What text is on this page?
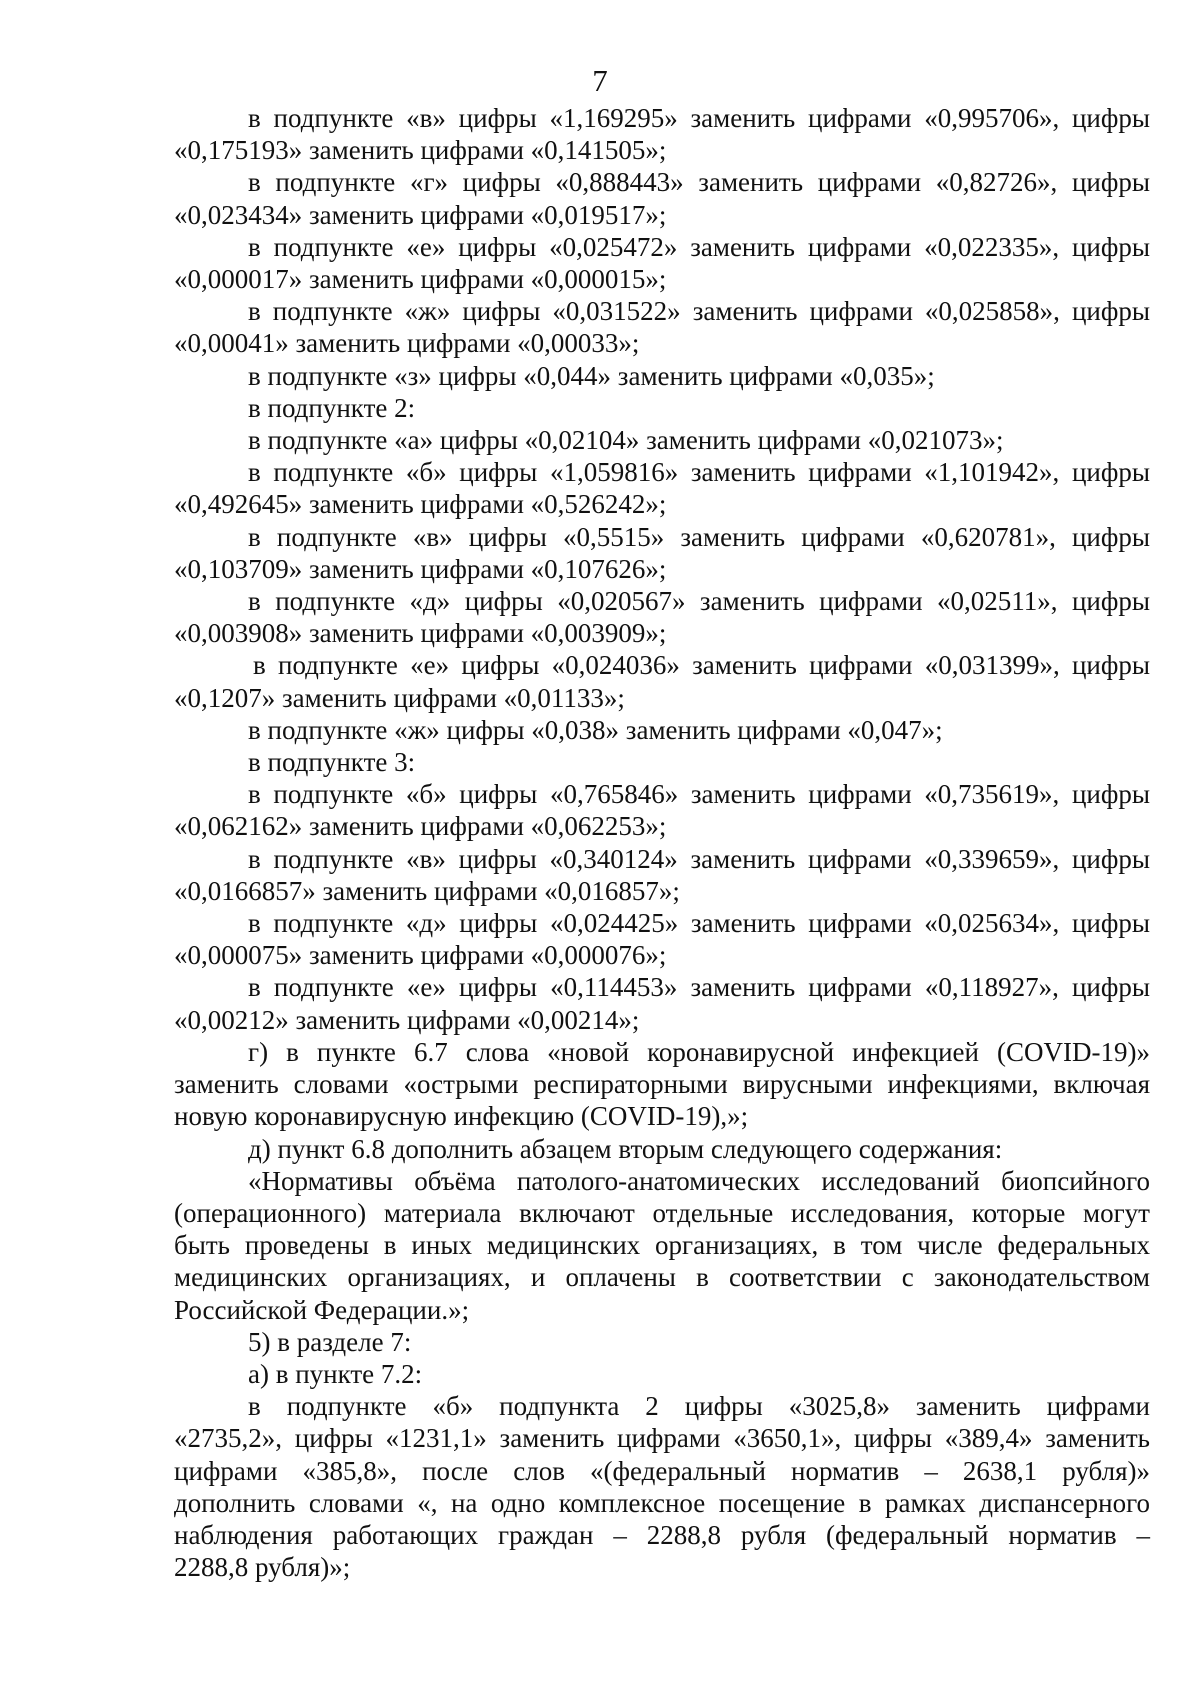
7
в подпункте «в» цифры «1,169295» заменить цифрами «0,995706», цифры
«0,175193» заменить цифрами «0,141505»;
в подпункте «г» цифры «0,888443» заменить цифрами «0,82726», цифры
«0,023434» заменить цифрами «0,019517»;
в подпункте «е» цифры «0,025472» заменить цифрами «0,022335», цифры
«0,000017» заменить цифрами «0,000015»;
в подпункте «ж» цифры «0,031522» заменить цифрами «0,025858», цифры
«0,00041» заменить цифрами «0,00033»;
в подпункте «з» цифры «0,044» заменить цифрами «0,035»;
в подпункте 2:
в подпункте «а» цифры «0,02104» заменить цифрами «0,021073»;
в подпункте «б» цифры «1,059816» заменить цифрами «1,101942», цифры
«0,492645» заменить цифрами «0,526242»;
в подпункте «в» цифры «0,5515» заменить цифрами «0,620781», цифры
«0,103709» заменить цифрами «0,107626»;
в подпункте «д» цифры «0,020567» заменить цифрами «0,02511», цифры
«0,003908» заменить цифрами «0,003909»;
в подпункте «е» цифры «0,024036» заменить цифрами «0,031399», цифры
«0,1207» заменить цифрами «0,01133»;
в подпункте «ж» цифры «0,038» заменить цифрами «0,047»;
в подпункте 3:
в подпункте «б» цифры «0,765846» заменить цифрами «0,735619», цифры
«0,062162» заменить цифрами «0,062253»;
в подпункте «в» цифры «0,340124» заменить цифрами «0,339659», цифры
«0,0166857» заменить цифрами «0,016857»;
в подпункте «д» цифры «0,024425» заменить цифрами «0,025634», цифры
«0,000075» заменить цифрами «0,000076»;
в подпункте «е» цифры «0,114453» заменить цифрами «0,118927», цифры
«0,00212» заменить цифрами «0,00214»;
г) в пункте 6.7 слова «новой коронавирусной инфекцией (COVID-19)»
заменить словами «острыми респираторными вирусными инфекциями, включая
новую коронавирусную инфекцию (COVID-19),»;
д) пункт 6.8 дополнить абзацем вторым следующего содержания:
«Нормативы объёма патолого-анатомических исследований биопсийного
(операционного) материала включают отдельные исследования, которые могут
быть проведены в иных медицинских организациях, в том числе федеральных
медицинских организациях, и оплачены в соответствии с законодательством
Российской Федерации.»;
5) в разделе 7:
а) в пункте 7.2:
в подпункте «б» подпункта 2 цифры «3025,8» заменить цифрами
«2735,2», цифры «1231,1» заменить цифрами «3650,1», цифры «389,4» заменить
цифрами «385,8», после слов «(федеральный норматив – 2638,1 рубля)»
дополнить словами «, на одно комплексное посещение в рамках диспансерного
наблюдения работающих граждан – 2288,8 рубля (федеральный норматив –
2288,8 рубля)»;
